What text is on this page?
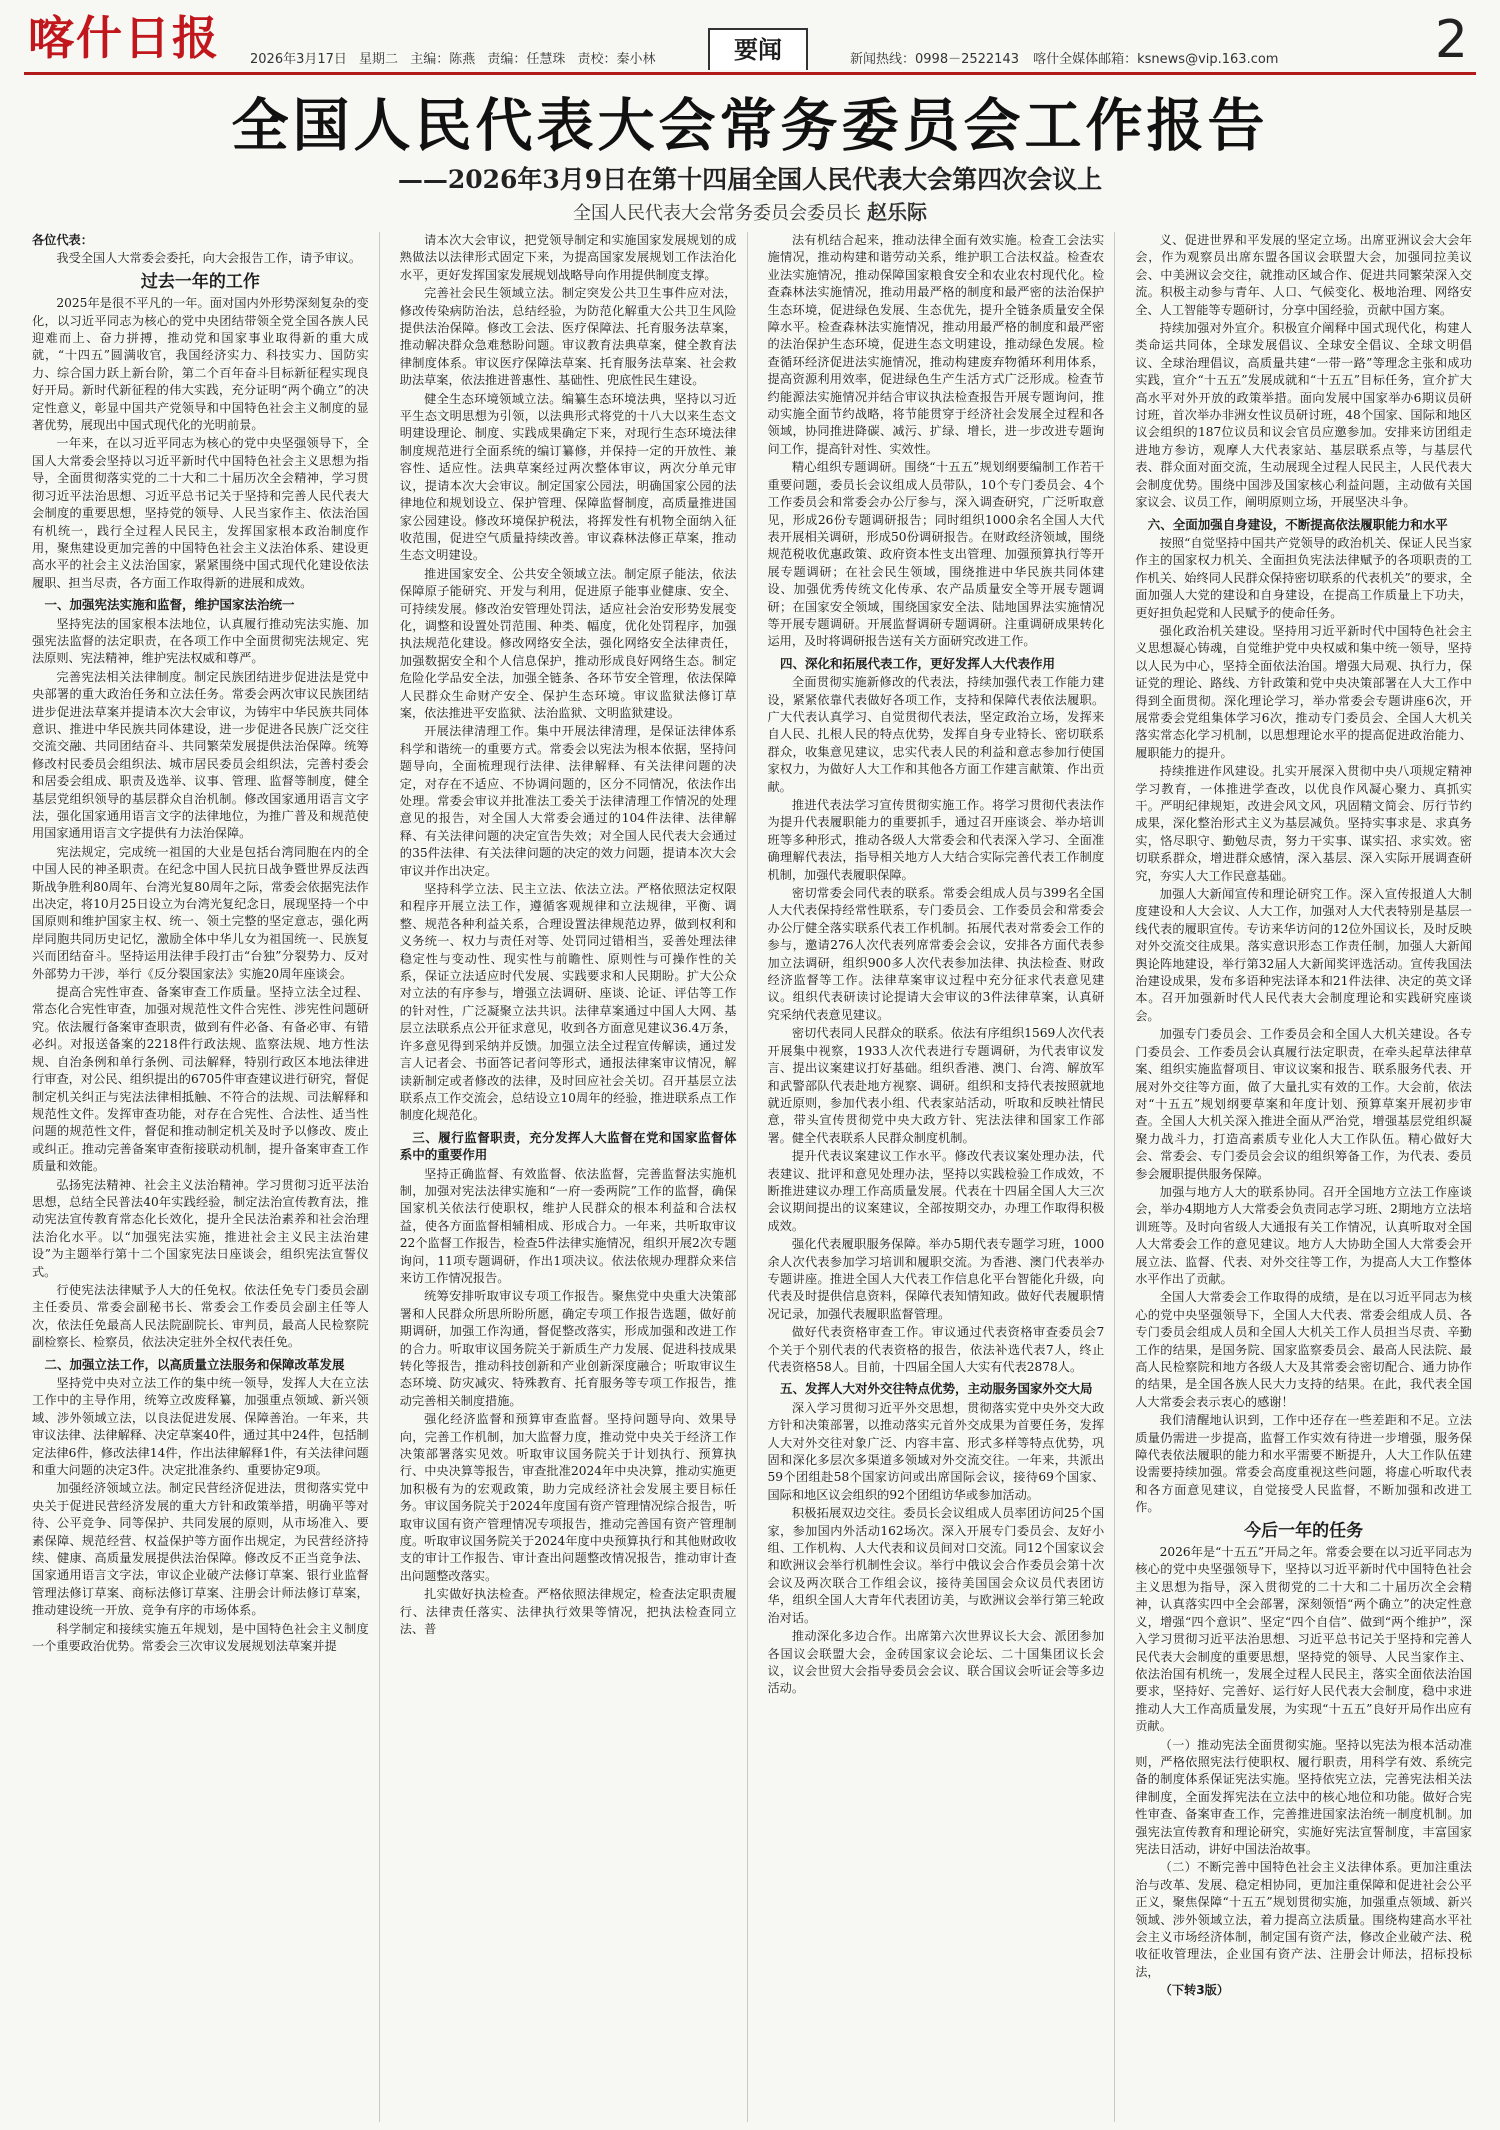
喀什日报 2026年3月17日 星期二 主编：陈燕 责编：任慧珠 责校：秦小林	要闻	新闻热线：0998－2522143 喀什全媒体邮箱：ksnews@vip.163.com	2
全国人民代表大会常务委员会工作报告
——2026年3月9日在第十四届全国人民代表大会第四次会议上
全国人民代表大会常务委员会委员长 赵乐际

各位代表：

我受全国人大常委会委托，向大会报告工作，请予审议。

过去一年的工作

2025年是很不平凡的一年。面对国内外形势深刻复杂的变化，以习近平同志为核心的党中央团结带领全党全国各族人民迎难而上、奋力拼搏，推动党和国家事业取得新的重大成就，“十四五”圆满收官，我国经济实力、科技实力、国防实力、综合国力跃上新台阶，第二个百年奋斗目标新征程实现良好开局。新时代新征程的伟大实践，充分证明“两个确立”的决定性意义，彰显中国共产党领导和中国特色社会主义制度的显著优势，展现出中国式现代化的光明前景。

一年来，在以习近平同志为核心的党中央坚强领导下，全国人大常委会坚持以习近平新时代中国特色社会主义思想为指导，全面贯彻落实党的二十大和二十届历次全会精神，学习贯彻习近平法治思想、习近平总书记关于坚持和完善人民代表大会制度的重要思想，坚持党的领导、人民当家作主、依法治国有机统一，践行全过程人民民主，发挥国家根本政治制度作用，聚焦建设更加完善的中国特色社会主义法治体系、建设更高水平的社会主义法治国家，紧紧围绕中国式现代化建设依法履职、担当尽责，各方面工作取得新的进展和成效。

一、加强宪法实施和监督，维护国家法治统一

坚持宪法的国家根本法地位，认真履行推动宪法实施、加强宪法监督的法定职责，在各项工作中全面贯彻宪法规定、宪法原则、宪法精神，维护宪法权威和尊严。

完善宪法相关法律制度。制定民族团结进步促进法是党中央部署的重大政治任务和立法任务。常委会两次审议民族团结进步促进法草案并提请本次大会审议，为铸牢中华民族共同体意识、推进中华民族共同体建设，进一步促进各民族广泛交往交流交融、共同团结奋斗、共同繁荣发展提供法治保障。统筹修改村民委员会组织法、城市居民委员会组织法，完善村委会和居委会组成、职责及选举、议事、管理、监督等制度，健全基层党组织领导的基层群众自治机制。修改国家通用语言文字法，强化国家通用语言文字的法律地位，为推广普及和规范使用国家通用语言文字提供有力法治保障。

宪法规定，完成统一祖国的大业是包括台湾同胞在内的全中国人民的神圣职责。在纪念中国人民抗日战争暨世界反法西斯战争胜利80周年、台湾光复80周年之际，常委会依据宪法作出决定，将10月25日设立为台湾光复纪念日，展现坚持一个中国原则和维护国家主权、统一、领土完整的坚定意志，强化两岸同胞共同历史记忆，激励全体中华儿女为祖国统一、民族复兴而团结奋斗。坚持运用法律手段打击“台独”分裂势力、反对外部势力干涉，举行《反分裂国家法》实施20周年座谈会。

提高合宪性审查、备案审查工作质量。坚持立法全过程、常态化合宪性审查，加强对规范性文件合宪性、涉宪性问题研究。依法履行备案审查职责，做到有件必备、有备必审、有错必纠。对报送备案的2218件行政法规、监察法规、地方性法规、自治条例和单行条例、司法解释，特别行政区本地法律进行审查，对公民、组织提出的6705件审查建议进行研究，督促制定机关纠正与宪法法律相抵触、不符合的法规、司法解释和规范性文件。发挥审查功能，对存在合宪性、合法性、适当性问题的规范性文件，督促和推动制定机关及时予以修改、废止或纠正。推动完善备案审查衔接联动机制，提升备案审查工作质量和效能。

弘扬宪法精神、社会主义法治精神。学习贯彻习近平法治思想，总结全民普法40年实践经验，制定法治宣传教育法，推动宪法宣传教育常态化长效化，提升全民法治素养和社会治理法治化水平。以“加强宪法实施，推进社会主义民主法治建设”为主题举行第十二个国家宪法日座谈会，组织宪法宣誓仪式。

行使宪法法律赋予人大的任免权。依法任免专门委员会副主任委员、常委会副秘书长、常委会工作委员会副主任等人次，依法任免最高人民法院副院长、审判员，最高人民检察院副检察长、检察员，依法决定驻外全权代表任免。

二、加强立法工作，以高质量立法服务和保障改革发展

坚持党中央对立法工作的集中统一领导，发挥人大在立法工作中的主导作用，统筹立改废释纂，加强重点领域、新兴领域、涉外领域立法，以良法促进发展、保障善治。一年来，共审议法律、法律解释、决定草案40件，通过其中24件，包括制定法律6件，修改法律14件，作出法律解释1件，有关法律问题和重大问题的决定3件。决定批准条约、重要协定9项。

加强经济领域立法。制定民营经济促进法，贯彻落实党中央关于促进民营经济发展的重大方针和政策举措，明确平等对待、公平竞争、同等保护、共同发展的原则，从市场准入、要素保障、规范经营、权益保护等方面作出规定，为民营经济持续、健康、高质量发展提供法治保障。修改反不正当竞争法、国家通用语言文字法，审议企业破产法修订草案、银行业监督管理法修订草案、商标法修订草案、注册会计师法修订草案，推动建设统一开放、竞争有序的市场体系。

科学制定和接续实施五年规划，是中国特色社会主义制度一个重要政治优势。常委会三次审议发展规划法草案并提

请本次大会审议，把党领导制定和实施国家发展规划的成熟做法以法律形式固定下来，为提高国家发展规划工作法治化水平，更好发挥国家发展规划战略导向作用提供制度支撑。

完善社会民生领域立法。制定突发公共卫生事件应对法，修改传染病防治法，总结经验，为防范化解重大公共卫生风险提供法治保障。修改工会法、医疗保障法、托育服务法草案，推动解决群众急难愁盼问题。审议教育法典草案，健全教育法律制度体系。审议医疗保障法草案、托育服务法草案、社会救助法草案，依法推进普惠性、基础性、兜底性民生建设。

健全生态环境领域立法。编纂生态环境法典，坚持以习近平生态文明思想为引领，以法典形式将党的十八大以来生态文明建设理论、制度、实践成果确定下来，对现行生态环境法律制度规范进行全面系统的编订纂修，并保持一定的开放性、兼容性、适应性。法典草案经过两次整体审议，两次分单元审议，提请本次大会审议。制定国家公园法，明确国家公园的法律地位和规划设立、保护管理、保障监督制度，高质量推进国家公园建设。修改环境保护税法，将挥发性有机物全面纳入征收范围，促进空气质量持续改善。审议森林法修正草案，推动生态文明建设。

推进国家安全、公共安全领域立法。制定原子能法，依法保障原子能研究、开发与利用，促进原子能事业健康、安全、可持续发展。修改治安管理处罚法，适应社会治安形势发展变化，调整和设置处罚范围、种类、幅度，优化处罚程序，加强执法规范化建设。修改网络安全法，强化网络安全法律责任，加强数据安全和个人信息保护，推动形成良好网络生态。制定危险化学品安全法，加强全链条、各环节安全管理，依法保障人民群众生命财产安全、保护生态环境。审议监狱法修订草案，依法推进平安监狱、法治监狱、文明监狱建设。

开展法律清理工作。集中开展法律清理，是保证法律体系科学和谐统一的重要方式。常委会以宪法为根本依据，坚持问题导向，全面梳理现行法律、法律解释、有关法律问题的决定，对存在不适应、不协调问题的，区分不同情况，依法作出处理。常委会审议并批准法工委关于法律清理工作情况的处理意见的报告，对全国人大常委会通过的104件法律、法律解释、有关法律问题的决定宣告失效；对全国人民代表大会通过的35件法律、有关法律问题的决定的效力问题，提请本次大会审议并作出决定。

坚持科学立法、民主立法、依法立法。严格依照法定权限和程序开展立法工作，遵循客观规律和立法规律，平衡、调整、规范各种利益关系，合理设置法律规范边界，做到权利和义务统一、权力与责任对等、处罚同过错相当，妥善处理法律稳定性与变动性、现实性与前瞻性、原则性与可操作性的关系，保证立法适应时代发展、实践要求和人民期盼。扩大公众对立法的有序参与，增强立法调研、座谈、论证、评估等工作的针对性，广泛凝聚立法共识。法律草案通过中国人大网、基层立法联系点公开征求意见，收到各方面意见建议36.4万条，许多意见得到采纳并反馈。加强立法全过程宣传解读，通过发言人记者会、书面答记者问等形式，通报法律案审议情况，解读新制定或者修改的法律，及时回应社会关切。召开基层立法联系点工作交流会，总结设立10周年的经验，推进联系点工作制度化规范化。

三、履行监督职责，充分发挥人大监督在党和国家监督体系中的重要作用

坚持正确监督、有效监督、依法监督，完善监督法实施机制，加强对宪法法律实施和“一府一委两院”工作的监督，确保国家机关依法行使职权，维护人民群众的根本利益和合法权益，使各方面监督相辅相成、形成合力。一年来，共听取审议22个监督工作报告，检查5件法律实施情况，组织开展2次专题询问，11项专题调研，作出1项决议。依法依规办理群众来信来访工作情况报告。

统筹安排听取审议专项工作报告。聚焦党中央重大决策部署和人民群众所思所盼所愿，确定专项工作报告选题，做好前期调研，加强工作沟通，督促整改落实，形成加强和改进工作的合力。听取审议国务院关于新质生产力发展、促进科技成果转化等报告，推动科技创新和产业创新深度融合；听取审议生态环境、防灾减灾、特殊教育、托育服务等专项工作报告，推动完善相关制度措施。

强化经济监督和预算审查监督。坚持问题导向、效果导向，完善工作机制，加大监督力度，推动党中央关于经济工作决策部署落实见效。听取审议国务院关于计划执行、预算执行、中央决算等报告，审查批准2024年中央决算，推动实施更加积极有为的宏观政策，助力完成经济社会发展主要目标任务。审议国务院关于2024年度国有资产管理情况综合报告，听取审议国有资产管理情况专项报告，推动完善国有资产管理制度。听取审议国务院关于2024年度中央预算执行和其他财政收支的审计工作报告、审计查出问题整改情况报告，推动审计查出问题整改落实。

扎实做好执法检查。严格依照法律规定，检查法定职责履行、法律责任落实、法律执行效果等情况，把执法检查同立法、普

法有机结合起来，推动法律全面有效实施。检查工会法实施情况，推动构建和谐劳动关系，维护职工合法权益。检查农业法实施情况，推动保障国家粮食安全和农业农村现代化。检查森林法实施情况，推动用最严格的制度和最严密的法治保护生态环境，促进绿色发展、生态优先，提升全链条质量安全保障水平。检查森林法实施情况，推动用最严格的制度和最严密的法治保护生态环境，促进生态文明建设，推动绿色发展。检查循环经济促进法实施情况，推动构建废弃物循环利用体系，提高资源利用效率，促进绿色生产生活方式广泛形成。检查节约能源法实施情况并结合审议执法检查报告开展专题询问，推动实施全面节约战略，将节能贯穿于经济社会发展全过程和各领域，协同推进降碳、减污、扩绿、增长，进一步改进专题询问工作，提高针对性、实效性。

精心组织专题调研。围绕“十五五”规划纲要编制工作若干重要问题，委员长会议组成人员带队，10个专门委员会、4个工作委员会和常委会办公厅参与，深入调查研究，广泛听取意见，形成26份专题调研报告；同时组织1000余名全国人大代表开展相关调研，形成50份调研报告。在财政经济领域，围绕规范税收优惠政策、政府资本性支出管理、加强预算执行等开展专题调研；在社会民生领域，围绕推进中华民族共同体建设、加强优秀传统文化传承、农产品质量安全等开展专题调研；在国家安全领域，围绕国家安全法、陆地国界法实施情况等开展专题调研。开展监督调研专题调研。注重调研成果转化运用，及时将调研报告送有关方面研究改进工作。

四、深化和拓展代表工作，更好发挥人大代表作用

全面贯彻实施新修改的代表法，持续加强代表工作能力建设，紧紧依靠代表做好各项工作，支持和保障代表依法履职。广大代表认真学习、自觉贯彻代表法，坚定政治立场，发挥来自人民、扎根人民的特点优势，发挥自身专业特长、密切联系群众，收集意见建议，忠实代表人民的利益和意志参加行使国家权力，为做好人大工作和其他各方面工作建言献策、作出贡献。

推进代表法学习宣传贯彻实施工作。将学习贯彻代表法作为提升代表履职能力的重要抓手，通过召开座谈会、举办培训班等多种形式，推动各级人大常委会和代表深入学习、全面准确理解代表法，指导相关地方人大结合实际完善代表工作制度机制，加强代表履职保障。

密切常委会同代表的联系。常委会组成人员与399名全国人大代表保持经常性联系，专门委员会、工作委员会和常委会办公厅健全落实联系代表工作机制。拓展代表对常委会工作的参与，邀请276人次代表列席常委会会议，安排各方面代表参加立法调研，组织900多人次代表参加法律、执法检查、财政经济监督等工作。法律草案审议过程中充分征求代表意见建议。组织代表研读讨论提请大会审议的3件法律草案，认真研究采纳代表意见建议。

密切代表同人民群众的联系。依法有序组织1569人次代表开展集中视察，1933人次代表进行专题调研，为代表审议发言、提出议案建议打好基础。组织香港、澳门、台湾、解放军和武警部队代表赴地方视察、调研。组织和支持代表按照就地就近原则，参加代表小组、代表家站活动，听取和反映社情民意，带头宣传贯彻党中央大政方针、宪法法律和国家工作部署。健全代表联系人民群众制度机制。

提升代表议案建议工作水平。修改代表议案处理办法，代表建议、批评和意见处理办法，坚持以实践检验工作成效，不断推进建议办理工作高质量发展。代表在十四届全国人大三次会议期间提出的议案建议，全部按期交办，办理工作取得积极成效。

强化代表履职服务保障。举办5期代表专题学习班，1000余人次代表参加学习培训和履职交流。为香港、澳门代表举办专题讲座。推进全国人大代表工作信息化平台智能化升级，向代表及时提供信息资料，保障代表知情知政。做好代表履职情况记录，加强代表履职监督管理。

做好代表资格审查工作。审议通过代表资格审查委员会7个关于个别代表的代表资格的报告，依法补选代表7人，终止代表资格58人。目前，十四届全国人大实有代表2878人。

五、发挥人大对外交往特点优势，主动服务国家外交大局

深入学习贯彻习近平外交思想，贯彻落实党中央外交大政方针和决策部署，以推动落实元首外交成果为首要任务，发挥人大对外交往对象广泛、内容丰富、形式多样等特点优势，巩固和深化多层次多渠道多领域对外交流交往。一年来，共派出59个团组赴58个国家访问或出席国际会议，接待69个国家、国际和地区议会组织的92个团组访华或参加活动。

积极拓展双边交往。委员长会议组成人员率团访问25个国家，参加国内外活动162场次。深入开展专门委员会、友好小组、工作机构、人大代表和议员间对口交流。同12个国家议会和欧洲议会举行机制性会议。举行中俄议会合作委员会第十次会议及两次联合工作组会议，接待美国国会众议员代表团访华，组织全国人大青年代表团访美，与欧洲议会举行第三轮政治对话。

推动深化多边合作。出席第六次世界议长大会、派团参加各国议会联盟大会，金砖国家议会论坛、二十国集团议长会议，议会世贸大会指导委员会会议、联合国议会听证会等多边活动。

义、促进世界和平发展的坚定立场。出席亚洲议会大会年会，作为观察员出席东盟各国议会联盟大会，加强同拉美议会、中美洲议会交往，就推动区域合作、促进共同繁荣深入交流。积极主动参与青年、人口、气候变化、极地治理、网络安全、人工智能等专题研讨，分享中国经验，贡献中国方案。

持续加强对外宣介。积极宣介阐释中国式现代化，构建人类命运共同体，全球发展倡议、全球安全倡议、全球文明倡议、全球治理倡议，高质量共建“一带一路”等理念主张和成功实践，宣介“十五五”发展成就和“十五五”目标任务，宣介扩大高水平对外开放的政策举措。面向发展中国家举办6期议员研讨班，首次举办非洲女性议员研讨班，48个国家、国际和地区议会组织的187位议员和议会官员应邀参加。安排来访团组走进地方参访，观摩人大代表家站、基层联系点等，与基层代表、群众面对面交流，生动展现全过程人民民主，人民代表大会制度优势。围绕中国涉及国家核心利益问题，主动做有关国家议会、议员工作，阐明原则立场，开展坚决斗争。

六、全面加强自身建设，不断提高依法履职能力和水平

按照“自觉坚持中国共产党领导的政治机关、保证人民当家作主的国家权力机关、全面担负宪法法律赋予的各项职责的工作机关、始终同人民群众保持密切联系的代表机关”的要求，全面加强人大党的建设和自身建设，在提高工作质量上下功夫，更好担负起党和人民赋予的使命任务。

强化政治机关建设。坚持用习近平新时代中国特色社会主义思想凝心铸魂，自觉维护党中央权威和集中统一领导，坚持以人民为中心，坚持全面依法治国。增强大局观、执行力，保证党的理论、路线、方针政策和党中央决策部署在人大工作中得到全面贯彻。深化理论学习，举办常委会专题讲座6次，开展常委会党组集体学习6次，推动专门委员会、全国人大机关落实常态化学习机制，以思想理论水平的提高促进政治能力、履职能力的提升。

持续推进作风建设。扎实开展深入贯彻中央八项规定精神学习教育，一体推进学查改，以优良作风凝心聚力、真抓实干。严明纪律规矩，改进会风文风，巩固精文简会、厉行节约成果，深化整治形式主义为基层减负。坚持实事求是、求真务实，恪尽职守、勤勉尽责，努力干实事、谋实招、求实效。密切联系群众，增进群众感情，深入基层、深入实际开展调查研究，夯实人大工作民意基础。

加强人大新闻宣传和理论研究工作。深入宣传报道人大制度建设和人大会议、人大工作，加强对人大代表特别是基层一线代表的履职宣传。专访来华访问的12位外国议长，及时反映对外交流交往成果。落实意识形态工作责任制，加强人大新闻舆论阵地建设，举行第32届人大新闻奖评选活动。宣传我国法治建设成果，发布多语种宪法译本和21件法律、决定的英文译本。召开加强新时代人民代表大会制度理论和实践研究座谈会。

加强专门委员会、工作委员会和全国人大机关建设。各专门委员会、工作委员会认真履行法定职责，在牵头起草法律草案、组织实施监督项目、审议议案和报告、联系服务代表、开展对外交往等方面，做了大量扎实有效的工作。大会前，依法对“十五五”规划纲要草案和年度计划、预算草案开展初步审查。全国人大机关深入推进全面从严治党，增强基层党组织凝聚力战斗力，打造高素质专业化人大工作队伍。精心做好大会、常委会、专门委员会会议的组织筹备工作，为代表、委员参会履职提供服务保障。

加强与地方人大的联系协同。召开全国地方立法工作座谈会，举办4期地方人大常委会负责同志学习班、2期地方立法培训班等。及时向省级人大通报有关工作情况，认真听取对全国人大常委会工作的意见建议。地方人大协助全国人大常委会开展立法、监督、代表、对外交往等工作，为提高人大工作整体水平作出了贡献。

全国人大常委会工作取得的成绩，是在以习近平同志为核心的党中央坚强领导下，全国人大代表、常委会组成人员、各专门委员会组成人员和全国人大机关工作人员担当尽责、辛勤工作的结果，是国务院、国家监察委员会、最高人民法院、最高人民检察院和地方各级人大及其常委会密切配合、通力协作的结果，是全国各族人民大力支持的结果。在此，我代表全国人大常委会表示衷心的感谢！

我们清醒地认识到，工作中还存在一些差距和不足。立法质量仍需进一步提高，监督工作实效有待进一步增强，服务保障代表依法履职的能力和水平需要不断提升，人大工作队伍建设需要持续加强。常委会高度重视这些问题，将虚心听取代表和各方面意见建议，自觉接受人民监督，不断加强和改进工作。

今后一年的任务

2026年是“十五五”开局之年。常委会要在以习近平同志为核心的党中央坚强领导下，坚持以习近平新时代中国特色社会主义思想为指导，深入贯彻党的二十大和二十届历次全会精神，认真落实四中全会部署，深刻领悟“两个确立”的决定性意义，增强“四个意识”、坚定“四个自信”、做到“两个维护”，深入学习贯彻习近平法治思想、习近平总书记关于坚持和完善人民代表大会制度的重要思想，坚持党的领导、人民当家作主、依法治国有机统一，发展全过程人民民主，落实全面依法治国要求，坚持好、完善好、运行好人民代表大会制度，稳中求进推动人大工作高质量发展，为实现“十五五”良好开局作出应有贡献。

（一）推动宪法全面贯彻实施。坚持以宪法为根本活动准则，严格依照宪法行使职权、履行职责，用科学有效、系统完备的制度体系保证宪法实施。坚持依宪立法，完善宪法相关法律制度，全面发挥宪法在立法中的核心地位和功能。做好合宪性审查、备案审查工作，完善推进国家法治统一制度机制。加强宪法宣传教育和理论研究，实施好宪法宣誓制度，丰富国家宪法日活动，讲好中国法治故事。

（二）不断完善中国特色社会主义法律体系。更加注重法治与改革、发展、稳定相协同，更加注重保障和促进社会公平正义，聚焦保障“十五五”规划贯彻实施，加强重点领域、新兴领域、涉外领域立法，着力提高立法质量。围绕构建高水平社会主义市场经济体制，制定国有资产法，修改企业破产法、税收征收管理法，企业国有资产法、注册会计师法，招标投标法，

（下转3版）
